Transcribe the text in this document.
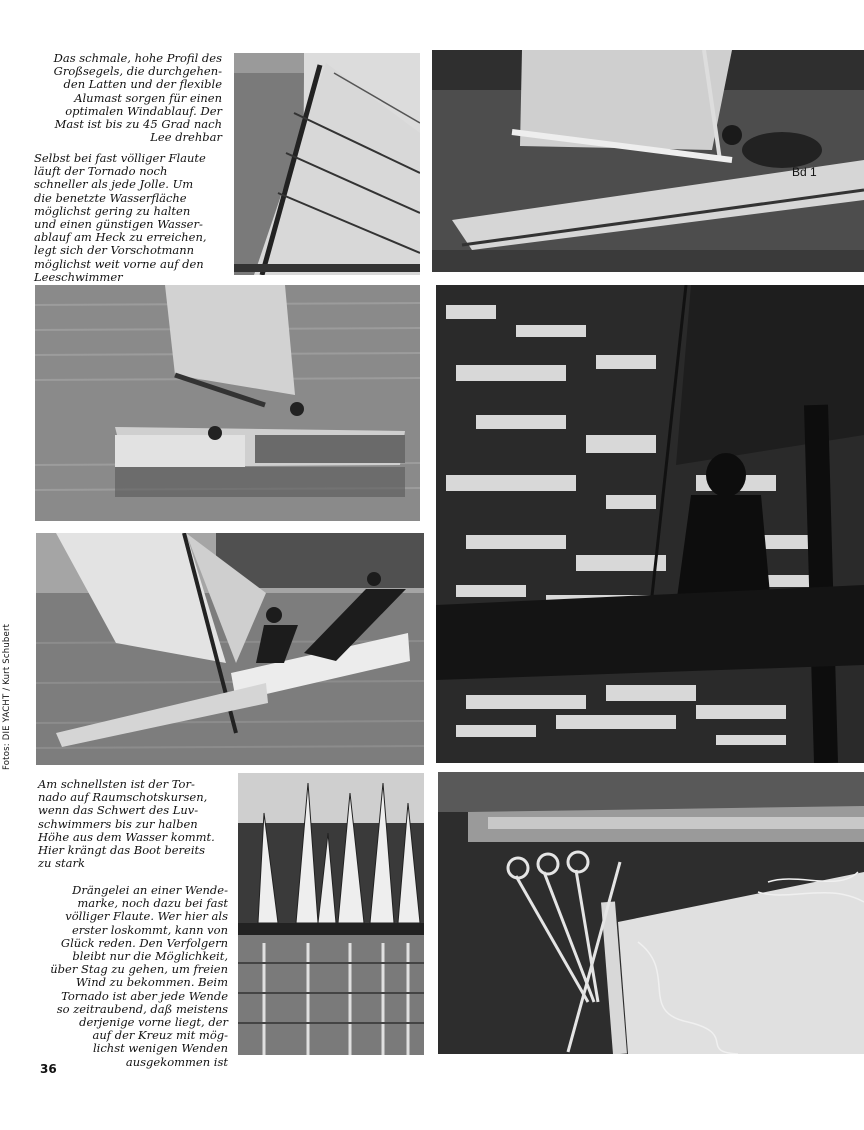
Das schmale, hohe Profil des
Großsegels, die durchgehen-
den Latten und der flexible
Alumast sorgen für einen
optimalen Windablauf. Der
Mast ist bis zu 45 Grad nach
Lee drehbar
Selbst bei fast völliger Flaute
läuft der Tornado noch
schneller als jede Jolle. Um
die benetzte Wasserfläche
möglichst gering zu halten
und einen günstigen Wasser-
ablauf am Heck zu erreichen,
legt sich der Vorschotmann
möglichst weit vorne auf den
Leeschwimmer
Am schnellsten ist der Tor-
nado auf Raumschotskursen,
wenn das Schwert des Luv-
schwimmers bis zur halben
Höhe aus dem Wasser kommt.
Hier krängt das Boot bereits
zu stark
Drängelei an einer Wende-
marke, noch dazu bei fast
völliger Flaute. Wer hier als
erster loskommt, kann von
Glück reden. Den Verfolgern
bleibt nur die Möglichkeit,
über Stag zu gehen, um freien
Wind zu bekommen. Beim
Tornado ist aber jede Wende
so zeitraubend, daß meistens
derjenige vorne liegt, der
auf der Kreuz mit mög-
lichst wenigen Wenden
ausgekommen ist
Fotos: DIE YACHT / Kurt Schubert
36
Bd 1
